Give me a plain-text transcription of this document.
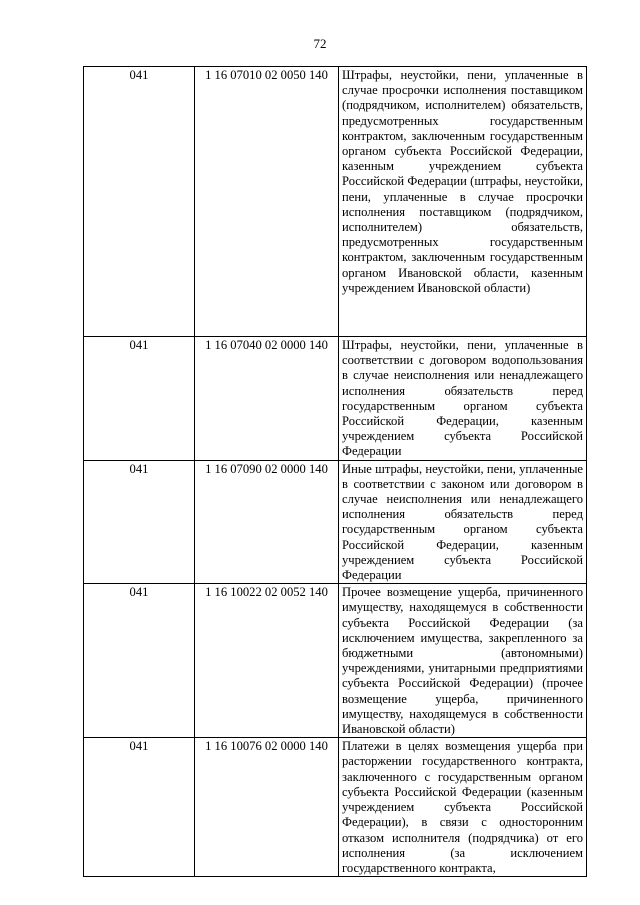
72
041	1 16 07010 02 0050 140	Штрафы, неустойки, пени, уплаченные в случае просрочки исполнения поставщиком (подрядчиком, исполнителем) обязательств, предусмотренных государственным контрактом, заключенным государственным органом субъекта Российской Федерации, казенным учреждением субъекта Российской Федерации (штрафы, неустойки, пени, уплаченные в случае просрочки исполнения поставщиком (подрядчиком, исполнителем) обязательств, предусмотренных государственным контрактом, заключенным государственным органом Ивановской области, казенным учреждением Ивановской области)
041	1 16 07040 02 0000 140	Штрафы, неустойки, пени, уплаченные в соответствии с договором водопользования в случае неисполнения или ненадлежащего исполнения обязательств перед государственным органом субъекта Российской Федерации, казенным учреждением субъекта Российской Федерации
041	1 16 07090 02 0000 140	Иные штрафы, неустойки, пени, уплаченные в соответствии с законом или договором в случае неисполнения или ненадлежащего исполнения обязательств перед государственным органом субъекта Российской Федерации, казенным учреждением субъекта Российской Федерации
041	1 16 10022 02 0052 140	Прочее возмещение ущерба, причиненного имуществу, находящемуся в собственности субъекта Российской Федерации (за исключением имущества, закрепленного за бюджетными (автономными) учреждениями, унитарными предприятиями субъекта Российской Федерации) (прочее возмещение ущерба, причиненного имуществу, находящемуся в собственности Ивановской области)
041	1 16 10076 02 0000 140	Платежи в целях возмещения ущерба при расторжении государственного контракта, заключенного с государственным органом субъекта Российской Федерации (казенным учреждением субъекта Российской Федерации), в связи с односторонним отказом исполнителя (подрядчика) от его исполнения (за исключением государственного контракта,
